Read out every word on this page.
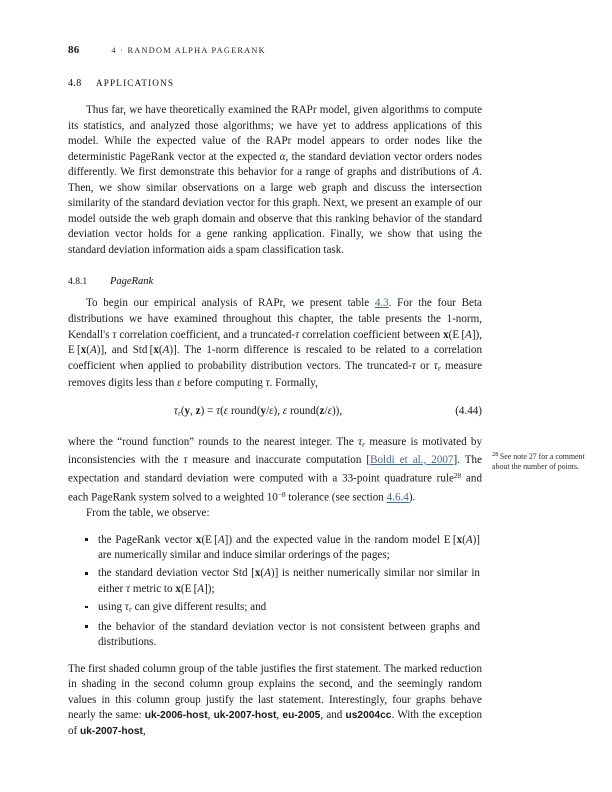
86	4 · RANDOM ALPHA PAGERANK
4.8 APPLICATIONS

Thus far, we have theoretically examined the RAPr model, given algorithms to compute its statistics, and analyzed those algorithms; we have yet to address applications of this model. While the expected value of the RAPr model appears to order nodes like the deterministic PageRank vector at the expected α, the standard deviation vector orders nodes differently. We first demonstrate this behavior for a range of graphs and distributions of A. Then, we show similar observations on a large web graph and discuss the intersection similarity of the standard deviation vector for this graph. Next, we present an example of our model outside the web graph domain and observe that this ranking behavior of the standard deviation vector holds for a gene ranking application. Finally, we show that using the standard deviation information aids a spam classification task.

4.8.1 PageRank

To begin our empirical analysis of RAPr, we present table 4.3. For the four Beta distributions we have examined throughout this chapter, the table presents the 1-norm, Kendall's τ correlation coefficient, and a truncated-τ correlation coefficient between x(E [A]), E [x(A)], and Std [x(A)]. The 1-norm difference is rescaled to be related to a correlation coefficient when applied to probability distribution vectors. The truncated-τ or $\tau_\varepsilon$ measure removes digits less than ε before computing τ. Formally,

$\tau_\varepsilon(y$, z) = τ(ε round(y/ε), ε round(z/ε)),	(4.44)

where the “round function” rounds to the nearest integer. The $\tau_\varepsilon$ measure is motivated by inconsistencies with the τ measure and inaccurate computation [Boldi et al., 2007]. The expectation and standard deviation were computed with a 33-point quadrature rule$^{28}$ and each PageRank system solved to a weighted $10^{-8}$ tolerance (see section 4.6.4).

From the table, we observe:

the PageRank vector x(E [A]) and the expected value in the random model E [x(A)] are numerically similar and induce similar orderings of the pages;
the standard deviation vector Std [x(A)] is neither numerically similar nor similar in either τ metric to x(E [A]);
using $\tau_\varepsilon$ can give different results; and
the behavior of the standard deviation vector is not consistent between graphs and distributions.

The first shaded column group of the table justifies the first statement. The marked reduction in shading in the second column group explains the second, and the seemingly random values in this column group justify the last statement. Interestingly, four graphs behave nearly the same: uk-2006-host, uk-2007-host, eu-2005, and us2004cc. With the exception of uk-2007-host,

$^{28}$ See note 27 for a comment about the number of points.
